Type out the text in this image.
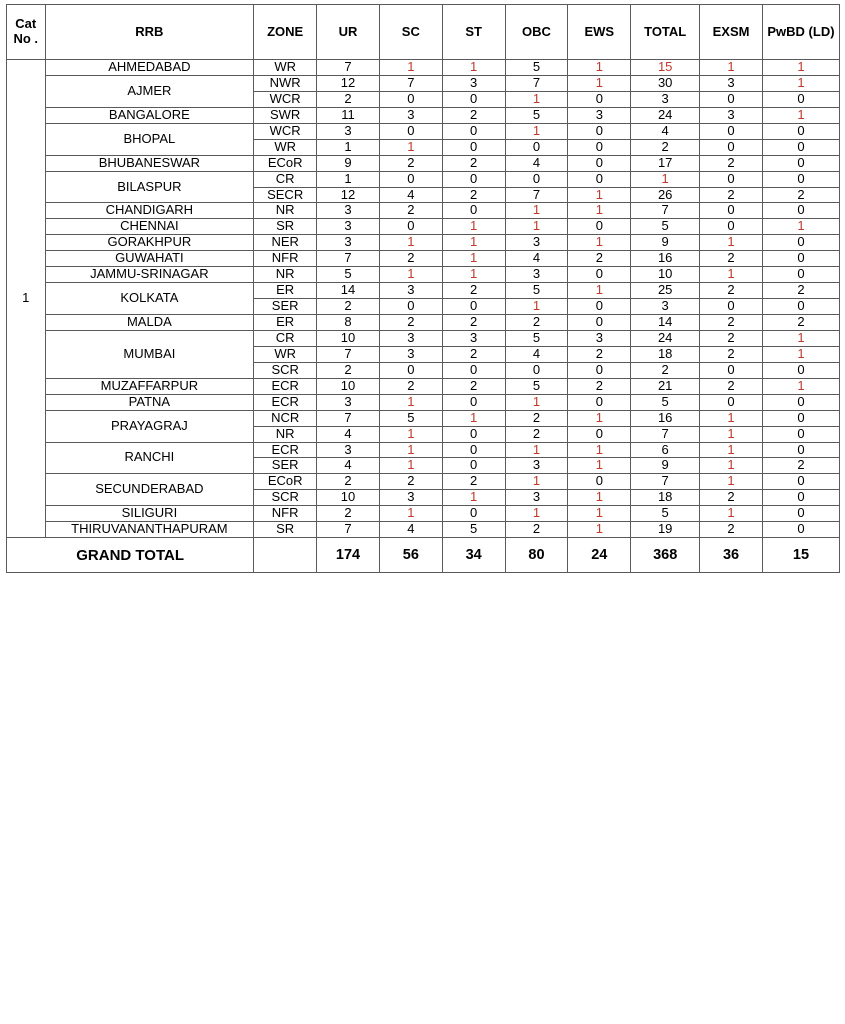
Cat No .	RRB	ZONE	UR	SC	ST	OBC	EWS	TOTAL	EXSM	PwBD (LD)
1	AHMEDABAD	WR	7	1	1	5	1	15	1	1
	AJMER	NWR	12	7	3	7	1	30	3	1
		WCR	2	0	0	1	0	3	0	0
	BANGALORE	SWR	11	3	2	5	3	24	3	1
	BHOPAL	WCR	3	0	0	1	0	4	0	0
		WR	1	1	0	0	0	2	0	0
	BHUBANESWAR	ECoR	9	2	2	4	0	17	2	0
	BILASPUR	CR	1	0	0	0	0	1	0	0
		SECR	12	4	2	7	1	26	2	2
	CHANDIGARH	NR	3	2	0	1	1	7	0	0
	CHENNAI	SR	3	0	1	1	0	5	0	1
	GORAKHPUR	NER	3	1	1	3	1	9	1	0
	GUWAHATI	NFR	7	2	1	4	2	16	2	0
	JAMMU-SRINAGAR	NR	5	1	1	3	0	10	1	0
	KOLKATA	ER	14	3	2	5	1	25	2	2
		SER	2	0	0	1	0	3	0	0
	MALDA	ER	8	2	2	2	0	14	2	2
	MUMBAI	CR	10	3	3	5	3	24	2	1
		WR	7	3	2	4	2	18	2	1
		SCR	2	0	0	0	0	2	0	0
	MUZAFFARPUR	ECR	10	2	2	5	2	21	2	1
	PATNA	ECR	3	1	0	1	0	5	0	0
	PRAYAGRAJ	NCR	7	5	1	2	1	16	1	0
		NR	4	1	0	2	0	7	1	0
	RANCHI	ECR	3	1	0	1	1	6	1	0
		SER	4	1	0	3	1	9	1	2
	SECUNDERABAD	ECoR	2	2	2	1	0	7	1	0
		SCR	10	3	1	3	1	18	2	0
	SILIGURI	NFR	2	1	0	1	1	5	1	0
	THIRUVANANTHAPURAM	SR	7	4	5	2	1	19	2	0
GRAND TOTAL			174	56	34	80	24	368	36	15
